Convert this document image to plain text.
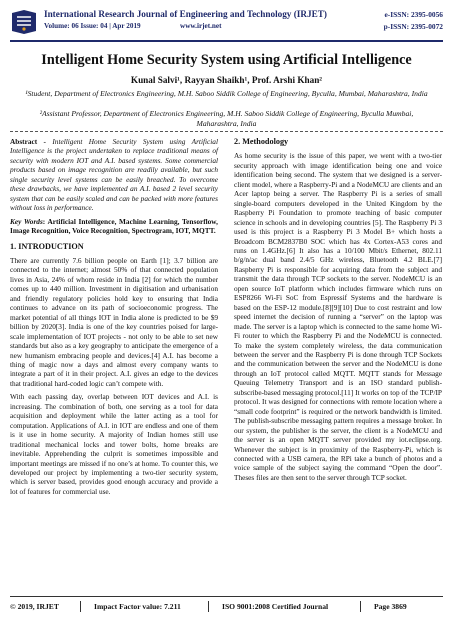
International Research Journal of Engineering and Technology (IRJET)
Volume: 06 Issue: 04 | Apr 2019	www.irjet.net
e-ISSN: 2395-0056
p-ISSN: 2395-0072
Intelligent Home Security System using Artificial Intelligence
Kunal Salvi¹, Rayyan Shaikh¹, Prof. Arshi Khan²
¹Student, Department of Electronics Engineering, M.H. Saboo Siddik College of Engineering, Byculla, Mumbai, Maharashtra, India
²Assistant Professor, Department of Electronics Engineering, M.H. Saboo Siddik College of Engineering, Byculla Mumbai, Maharashtra, India

Abstract - Intelligent Home Security System using Artificial Intelligence is the project undertaken to replace traditional means of security with modern IOT and A.I. based systems. Some commercial products based on image recognition are readily available, but such single security level systems can be easily breached. To overcome these drawbacks, we have implemented an A.I. based 2 level security system that can be easily scaled and can be packed with more features without loss in performance.

Key Words: Artificial Intelligence, Machine Learning, Tensorflow, Image Recognition, Voice Recognition, Spectrogram, IOT, MQTT.

1. INTRODUCTION

There are currently 7.6 billion people on Earth [1]; 3.7 billion are connected to the internet; almost 50% of that connected population lives in Asia, 24% of whom reside in India [2] for which the number comes up to 440 million. Investment in digitisation and urbanisation and friendly regulatory policies hold key to ensuring that India continues to advance on its path of socioeconomic progress. The market potential of all things IOT in India alone is predicted to be $9 billion by 2020[3]. India is one of the key countries poised for large-scale implementation of IOT projects - not only to be able to set new standards but also as a key geography to anticipate the emergence of a new humanism embracing people and devices.[4] A.I. has become a thing of magic now a days and almost every company wants to integrate a part of it in their project. A.I. gives an edge to the devices that traditional hard-coded logic can’t compete with.

With each passing day, overlap between IOT devices and A.I. is increasing. The combination of both, one serving as a tool for data acquisition and deployment while the latter acting as a tool for computation. Applications of A.I. in IOT are endless and one of them is it use in home security. A majority of Indian homes still use traditional mechanical locks and tower bolts, home breaks are inevitable. Apprehending the culprit is sometimes impossible and important meetings are missed if no one’s at home. To counter this, we developed our project by implementing a two-tier security system, which is server based, provides good enough accuracy and provide a lot of features for commercial use.

2. Methodology

As home security is the issue of this paper, we went with a two-tier security approach with image identification being one and voice identification being second. The system that we designed is a server-client model, where a Raspberry-Pi and a NodeMCU are clients and an Acer laptop being a server. The Raspberry Pi is a series of small single-board computers developed in the United Kingdom by the Raspberry Pi Foundation to promote teaching of basic computer science in schools and in developing countries [5]. The Raspberry Pi 3 used is this project is a Raspberry Pi 3 Model B+ which hosts a Broadcom BCM2837B0 SOC which has 4x Cortex-A53 cores and runs on 1.4GHz.[6] It also has a 10/100 Mbit/s Ethernet, 802.11 b/g/n/ac dual band 2.4/5 GHz wireless, Bluetooth 4.2 BLE.[7] Raspberry Pi is responsible for acquiring data from the subject and transmit the data through TCP sockets to the server. NodeMCU is an open source IoT platform which includes firmware which runs on ESP8266 Wi-Fi SoC from Espressif Systems and the hardware is based on the ESP-12 module.[8][9][10] Due to cost restraint and low speed internet the decision of running a “server” on the laptop was made. The server is a laptop which is connected to the same home Wi-Fi router to which the Raspberry Pi and the NodeMCU is connected. To make the system completely wireless, the data communication between the server and the Raspberry Pi is done through TCP Sockets and the communication between the server and the NodeMCU is done through an IoT protocol called MQTT. MQTT stands for Message Queuing Telemetry Transport and is an ISO standard publish-subscribe-based messaging protocol.[11] It works on top of the TCP/IP protocol. It was designed for connections with remote location where a “small code footprint” is required or the network bandwidth is limited. The publish-subscribe messaging pattern requires a message broker. In our system, the publisher is the server, the client is a NodeMCU and the server is an open MQTT server provided my iot.eclipse.org. Whenever the subject is in proximity of the Raspberry-Pi, which is connected with a USB camera, the RPi take a bunch of photos and a voice sample of the subject saying the command “Open the door”. Theses files are then sent to the server through TCP socket.

© 2019, IRJET	Impact Factor value: 7.211	ISO 9001:2008 Certified Journal	Page 3869
